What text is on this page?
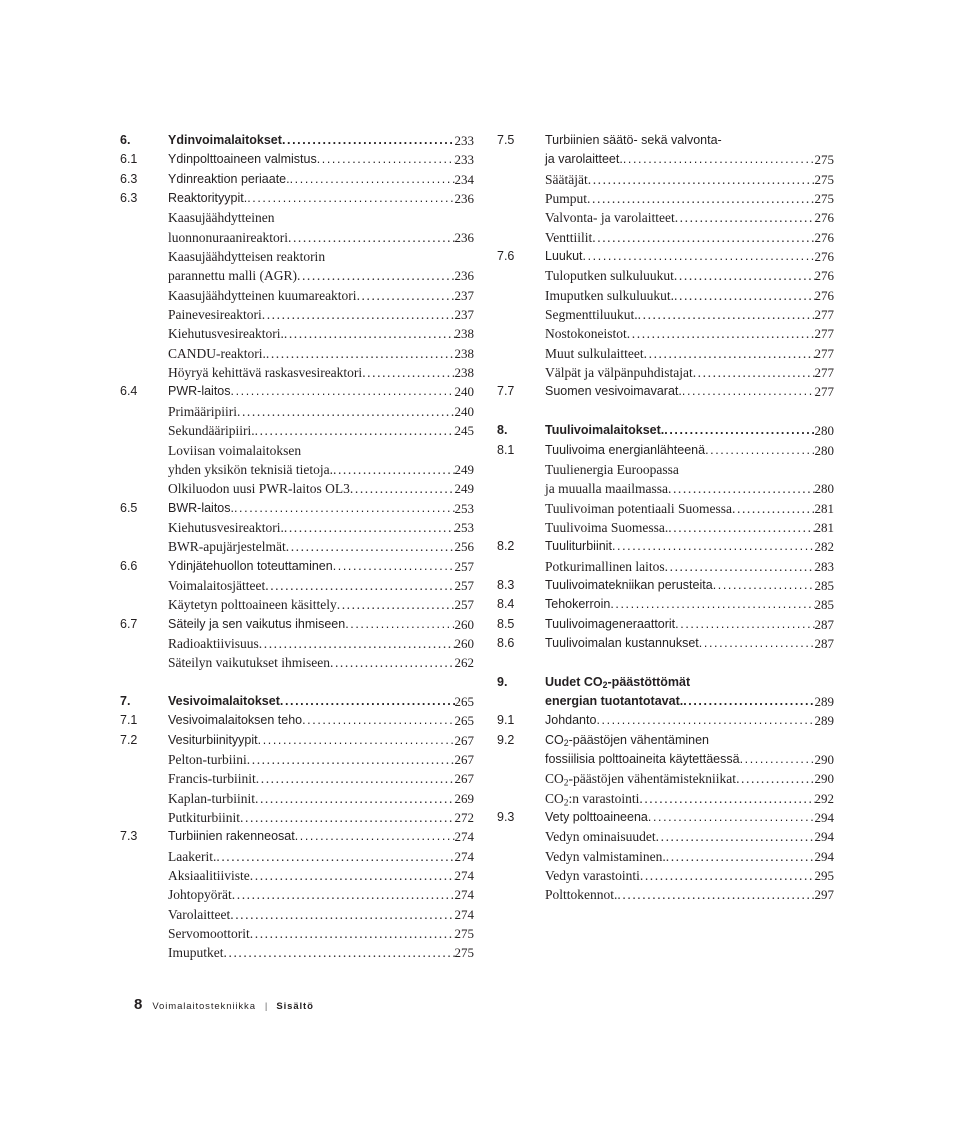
6.	Ydinvoimalaitokset .....	233
6.1 Ydinpolttoaineen valmistus .....	233
6.3 Ydinreaktion periaate. .....	234
6.3 Reaktorityypit. .....	236
Kaasujäähdytteinen
luonnonuraanireaktori .....	236
Kaasujäähdytteisen reaktorin
parannettu malli (AGR) .....	236
Kaasujäähdytteinen kuumareaktori .....	237
Painevesireaktori .....	237
Kiehutusvesireaktori. .....	238
CANDU-reaktori. .....	238
Höyryä kehittävä raskasvesireaktori .....	238
6.4 PWR-laitos .....	240
Primääripiiri .....	240
Sekundääripiiri. .....	245
Loviisan voimalaitoksen
yhden yksikön teknisiä tietoja. .....	249
Olkiluodon uusi PWR-laitos OL3 .....	249
6.5 BWR-laitos. .....	253
Kiehutusvesireaktori. .....	253
BWR-apujärjestelmät .....	256
6.6 Ydinjätehuollon toteuttaminen .....	257
Voimalaitosjätteet .....	257
Käytetyn polttoaineen käsittely .....	257
6.7 Säteily ja sen vaikutus ihmiseen .....	260
Radioaktiivisuus .....	260
Säteilyn vaikutukset ihmiseen .....	262
7.	Vesivoimalaitokset .....	265
7.1 Vesivoimalaitoksen teho .....	265
7.2 Vesiturbiinityypit .....	267
Pelton-turbiini .....	267
Francis-turbiinit .....	267
Kaplan-turbiinit .....	269
Putkiturbiinit .....	272
7.3 Turbiinien rakenneosat .....	274
Laakerit. .....	274
Aksiaalitiiviste .....	274
Johtopyörät .....	274
Varolaitteet .....	274
Servomoottorit .....	275
Imuputket .....	275
7.5 Turbiinien säätö- sekä valvonta-
ja varolaitteet. .....	275
Säätäjät .....	275
Pumput .....	275
Valvonta- ja varolaitteet .....	276
Venttiilit .....	276
7.6 Luukut .....	276
Tuloputken sulkuluukut .....	276
Imuputken sulkuluukut. .....	276
Segmenttiluukut. .....	277
Nostokoneistot .....	277
Muut sulkulaitteet .....	277
Välpät ja välpänpuhdistajat .....	277
7.7 Suomen vesivoimavarat. .....	277
8.	Tuulivoimalaitokset. .....	280
8.1 Tuulivoima energianlähteenä .....	280
Tuulienergia Euroopassa
ja muualla maailmassa .....	280
Tuulivoiman potentiaali Suomessa .....	281
Tuulivoima Suomessa. .....	281
8.2 Tuuliturbiinit .....	282
Potkurimallinen laitos .....	283
8.3 Tuulivoimatekniikan perusteita .....	285
8.4 Tehokerroin .....	285
8.5 Tuulivoimageneraattorit .....	287
8.6 Tuulivoimalan kustannukset .....	287
9.	Uudet $CO_2$-päästöttömät
energian tuotantotavat. .....	289
9.1 Johdanto .....	289
9.2 $CO_2$-päästöjen vähentäminen
fossiilisia polttoaineita käytettäessä .....	290
$CO_2$-päästöjen vähentämistekniikat .....	290
$CO_2:n$ varastointi .....	292
9.3 Vety polttoaineena .....	294
Vedyn ominaisuudet .....	294
Vedyn valmistaminen. .....	294
Vedyn varastointi .....	295
Polttokennot. .....	297
8 Voimalaitostekniikka | Sisältö
